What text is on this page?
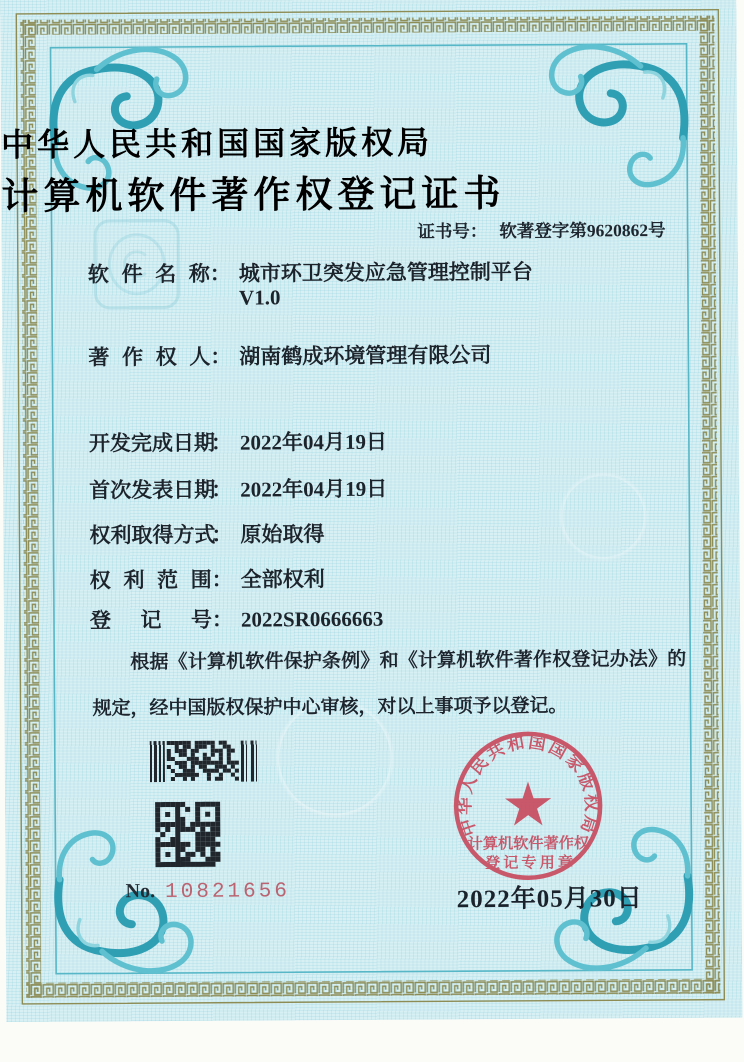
中华人民共和国国家版权局
计算机软件著作权登记证书
证书号： 软著登字第9620862号
软件名称： 城市环卫突发应急管理控制平台
V1.0
著作权人： 湖南鹤成环境管理有限公司
开发完成日期： 2022年04月19日
首次发表日期： 2022年04月19日
权利取得方式： 原始取得
权利范围： 全部权利
登记号： 2022SR0666663
根据《计算机软件保护条例》和《计算机软件著作权登记办法》的规定，经中国版权保护中心审核，对以上事项予以登记。
No. 10821656
中华人民共和国国家版权局
计算机软件著作权
登记专用章
2022年05月30日
